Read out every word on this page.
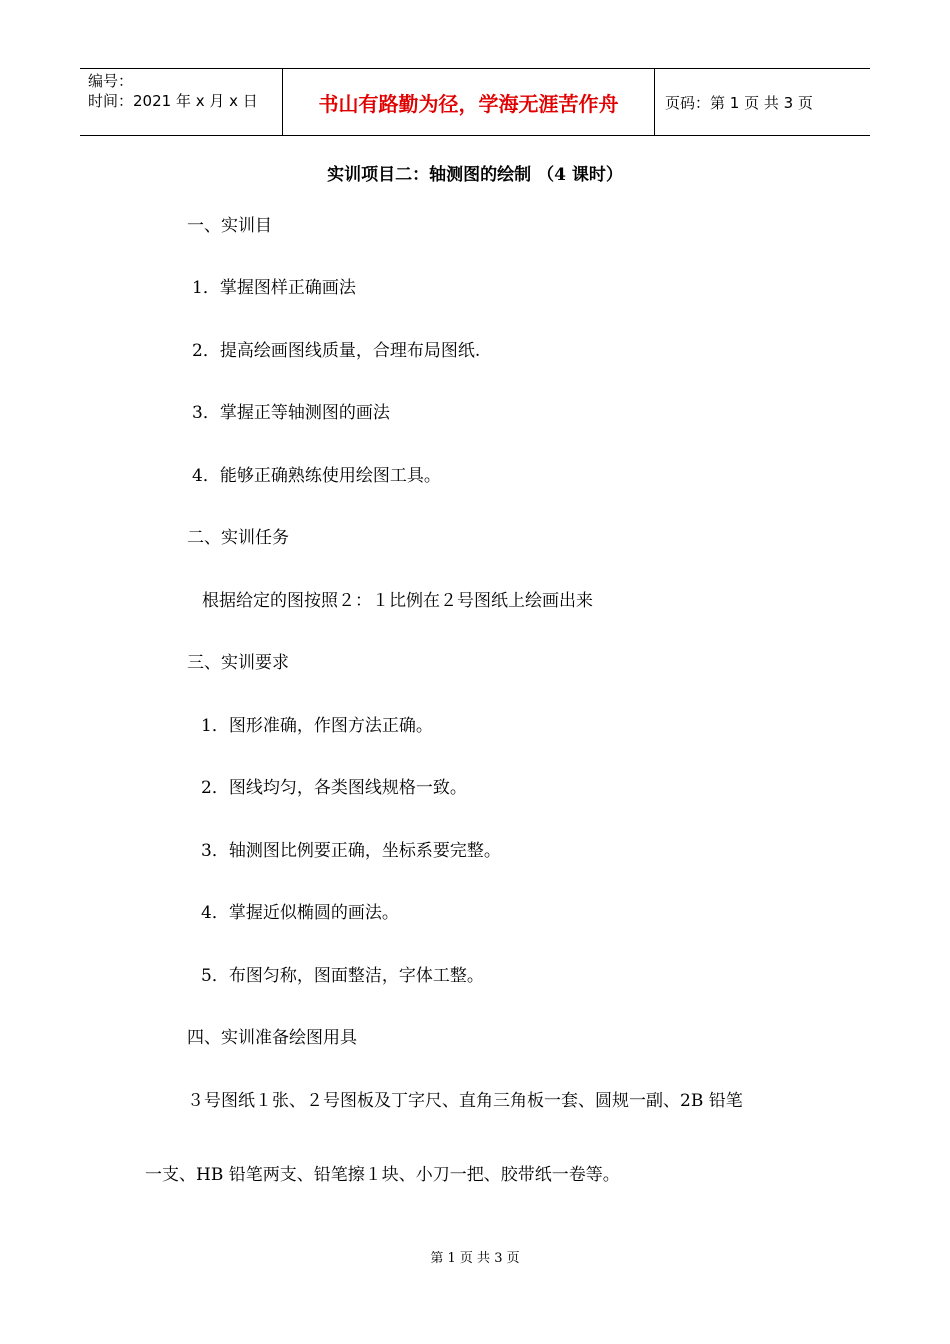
编号：
时间：2021 年 x 月 x 日	书山有路勤为径，学海无涯苦作舟	页码：第 1 页 共 3 页
实训项目二：轴测图的绘制 （4 课时）
一、实训目
1．掌握图样正确画法
2．提高绘画图线质量，合理布局图纸.
3．掌握正等轴测图的画法
4．能够正确熟练使用绘图工具。
二、实训任务
根据给定的图按照２：１比例在２号图纸上绘画出来
三、实训要求
1．图形准确，作图方法正确。
2．图线均匀，各类图线规格一致。
3．轴测图比例要正确，坐标系要完整。
4．掌握近似椭圆的画法。
5．布图匀称，图面整洁，字体工整。
四、实训准备绘图用具
３号图纸１张、２号图板及丁字尺、直角三角板一套、圆规一副、2B 铅笔
一支、HB 铅笔两支、铅笔擦１块、小刀一把、胶带纸一卷等。
第 1 页 共 3 页
